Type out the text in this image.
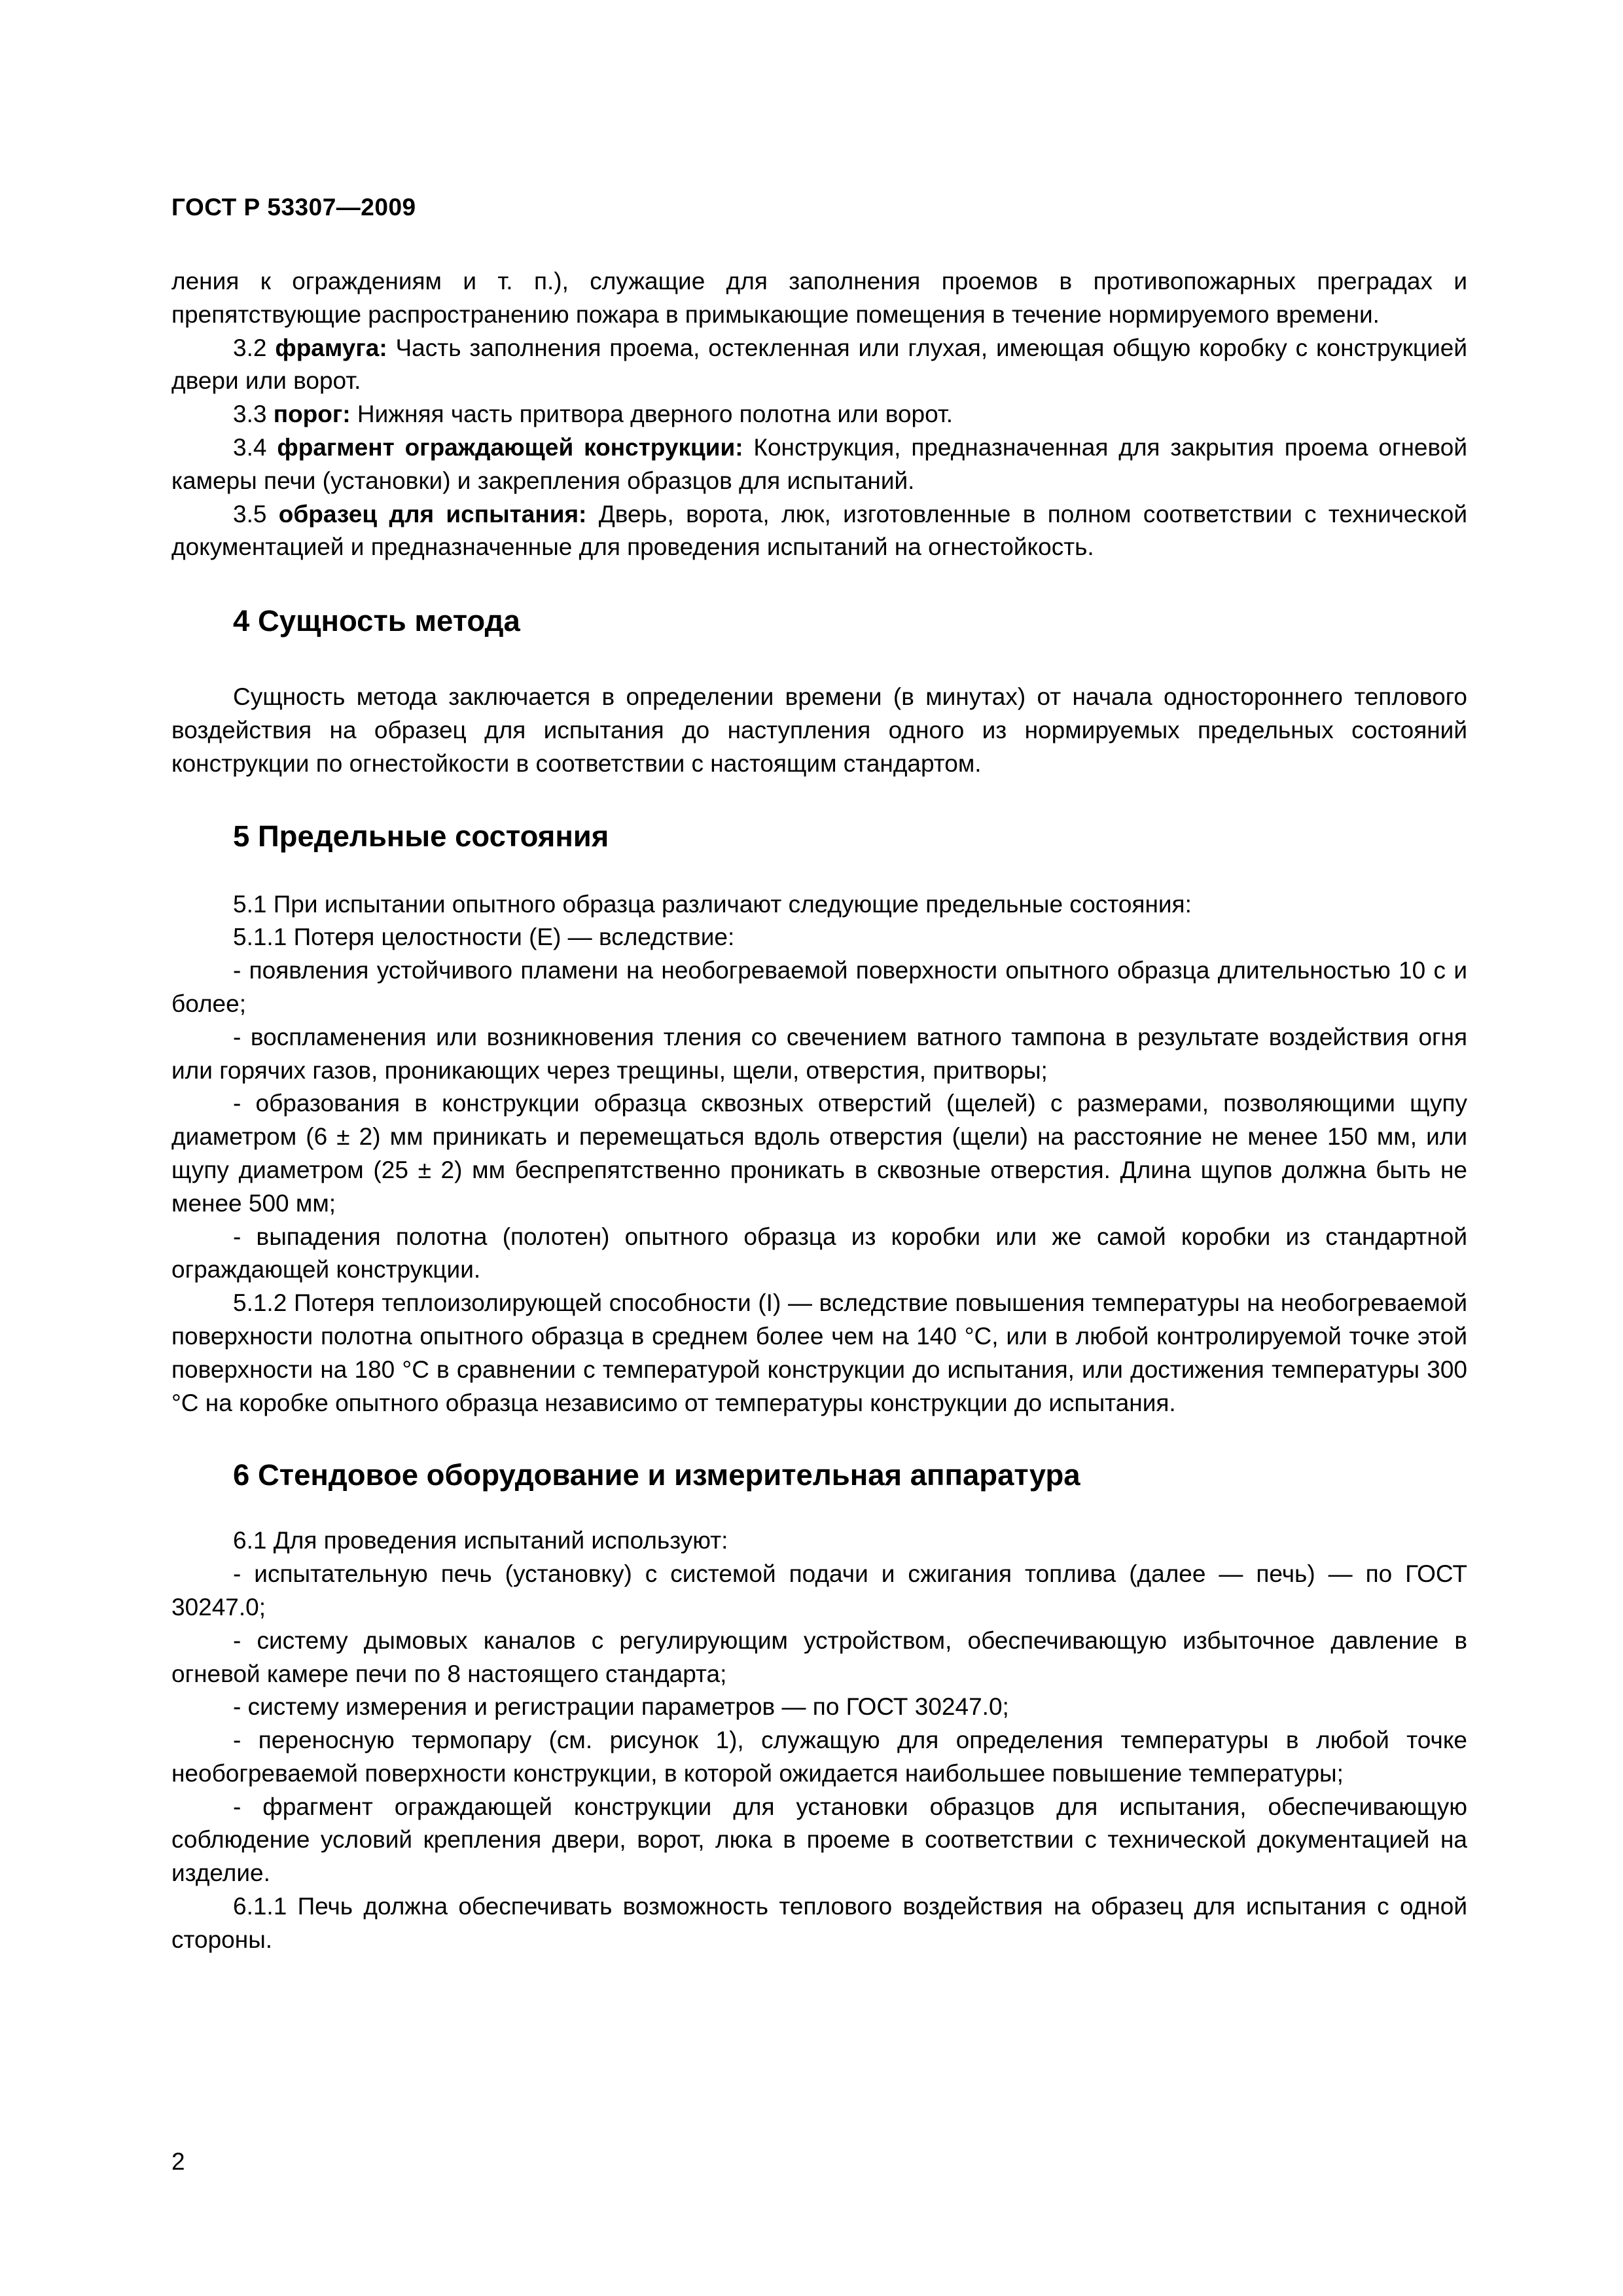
ГОСТ Р 53307—2009

ления к ограждениям и т. п.), служащие для заполнения проемов в противопожарных преградах и препятствующие распространению пожара в примыкающие помещения в течение нормируемого времени.

3.2 фрамуга: Часть заполнения проема, остекленная или глухая, имеющая общую коробку с конструкцией двери или ворот.

3.3 порог: Нижняя часть притвора дверного полотна или ворот.

3.4 фрагмент ограждающей конструкции: Конструкция, предназначенная для закрытия проема огневой камеры печи (установки) и закрепления образцов для испытаний.

3.5 образец для испытания: Дверь, ворота, люк, изготовленные в полном соответствии с технической документацией и предназначенные для проведения испытаний на огнестойкость.

4 Сущность метода

Сущность метода заключается в определении времени (в минутах) от начала одностороннего теплового воздействия на образец для испытания до наступления одного из нормируемых предельных состояний конструкции по огнестойкости в соответствии с настоящим стандартом.

5 Предельные состояния

5.1 При испытании опытного образца различают следующие предельные состояния:

5.1.1 Потеря целостности (Е) — вследствие:

- появления устойчивого пламени на необогреваемой поверхности опытного образца длительностью 10 с и более;

- воспламенения или возникновения тления со свечением ватного тампона в результате воздействия огня или горячих газов, проникающих через трещины, щели, отверстия, притворы;

- образования в конструкции образца сквозных отверстий (щелей) с размерами, позволяющими щупу диаметром (6 ± 2) мм приникать и перемещаться вдоль отверстия (щели) на расстояние не менее 150 мм, или щупу диаметром (25 ± 2) мм беспрепятственно проникать в сквозные отверстия. Длина щупов должна быть не менее 500 мм;

- выпадения полотна (полотен) опытного образца из коробки или же самой коробки из стандартной ограждающей конструкции.

5.1.2 Потеря теплоизолирующей способности (I) — вследствие повышения температуры на необогреваемой поверхности полотна опытного образца в среднем более чем на 140 °С, или в любой контролируемой точке этой поверхности на 180 °С в сравнении с температурой конструкции до испытания, или достижения температуры 300 °С на коробке опытного образца независимо от температуры конструкции до испытания.

6 Стендовое оборудование и измерительная аппаратура

6.1 Для проведения испытаний используют:

- испытательную печь (установку) с системой подачи и сжигания топлива (далее — печь) — по ГОСТ 30247.0;

- систему дымовых каналов с регулирующим устройством, обеспечивающую избыточное давление в огневой камере печи по 8 настоящего стандарта;

- систему измерения и регистрации параметров — по ГОСТ 30247.0;

- переносную термопару (см. рисунок 1), служащую для определения температуры в любой точке необогреваемой поверхности конструкции, в которой ожидается наибольшее повышение температуры;

- фрагмент ограждающей конструкции для установки образцов для испытания, обеспечивающую соблюдение условий крепления двери, ворот, люка в проеме в соответствии с технической документацией на изделие.

6.1.1 Печь должна обеспечивать возможность теплового воздействия на образец для испытания с одной стороны.

2
